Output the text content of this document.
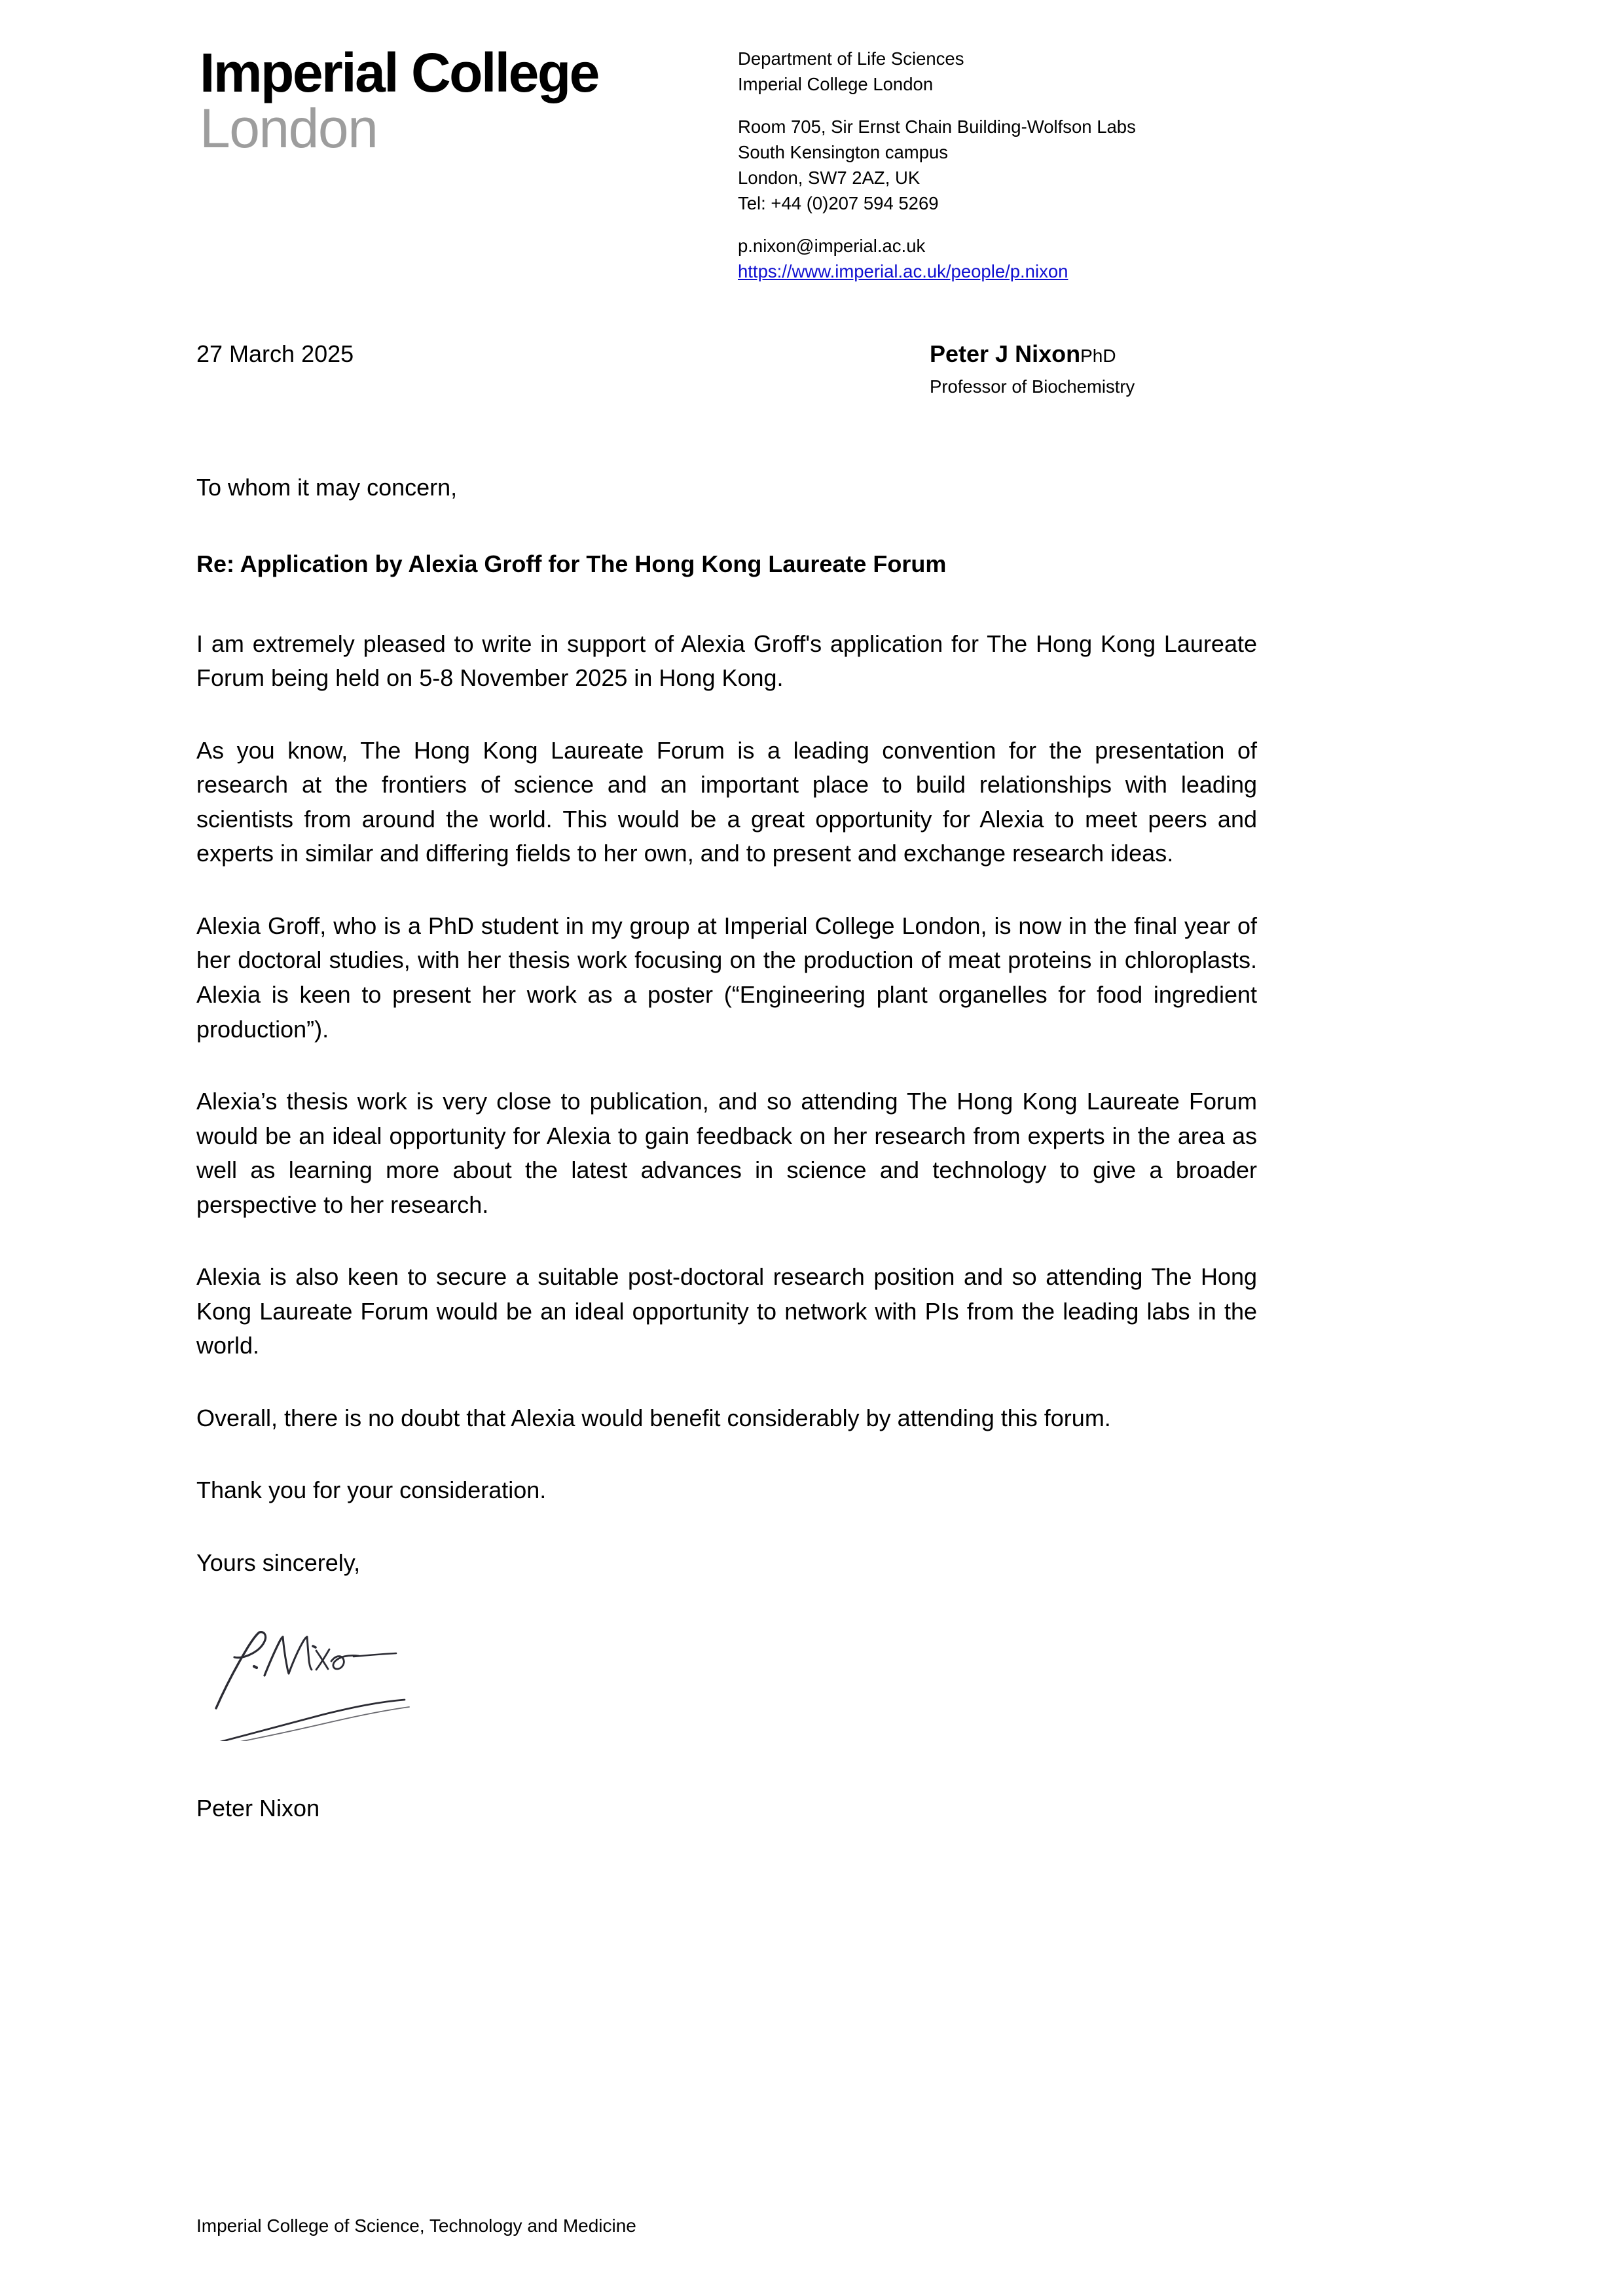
Imperial College
London
Department of Life Sciences
Imperial College London
Room 705, Sir Ernst Chain Building-Wolfson Labs
South Kensington campus
London, SW7 2AZ, UK
Tel: +44 (0)207 594 5269
p.nixon@imperial.ac.uk
https://www.imperial.ac.uk/people/p.nixon
27 March 2025	Peter J NixonPhD
Professor of Biochemistry
To whom it may concern,
Re: Application by Alexia Groff for The Hong Kong Laureate Forum

I am extremely pleased to write in support of Alexia Groff's application for The Hong Kong Laureate Forum being held on 5-8 November 2025 in Hong Kong.

As you know, The Hong Kong Laureate Forum is a leading convention for the presentation of research at the frontiers of science and an important place to build relationships with leading scientists from around the world. This would be a great opportunity for Alexia to meet peers and experts in similar and differing fields to her own, and to present and exchange research ideas.

Alexia Groff, who is a PhD student in my group at Imperial College London, is now in the final year of her doctoral studies, with her thesis work focusing on the production of meat proteins in chloroplasts. Alexia is keen to present her work as a poster (“Engineering plant organelles for food ingredient production”).

Alexia’s thesis work is very close to publication, and so attending The Hong Kong Laureate Forum would be an ideal opportunity for Alexia to gain feedback on her research from experts in the area as well as learning more about the latest advances in science and technology to give a broader perspective to her research.

Alexia is also keen to secure a suitable post-doctoral research position and so attending The Hong Kong Laureate Forum would be an ideal opportunity to network with PIs from the leading labs in the world.

Overall, there is no doubt that Alexia would benefit considerably by attending this forum.

Thank you for your consideration.

Yours sincerely,

Peter Nixon
Imperial College of Science, Technology and Medicine
